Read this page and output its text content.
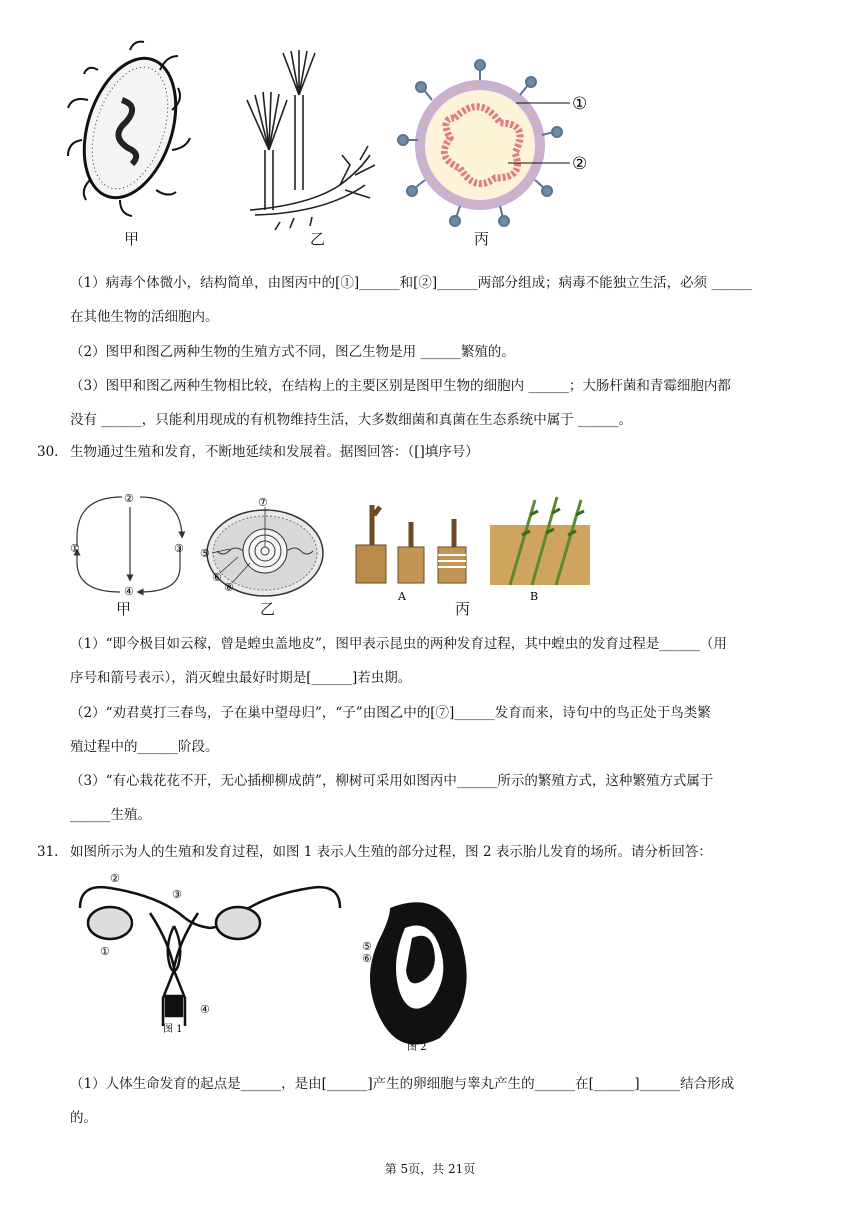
①
②
甲	乙	丙
（1）病毒个体微小，结构简单，由图丙中的[①]______和[②]______两部分组成；病毒不能独立生活，必须 ______
在其他生物的活细胞内。
（2）图甲和图乙两种生物的生殖方式不同，图乙生物是用 ______繁殖的。
（3）图甲和图乙两种生物相比较，在结构上的主要区别是图甲生物的细胞内 ______；大肠杆菌和青霉细胞内都
没有 ______，只能利用现成的有机物维持生活，大多数细菌和真菌在生态系统中属于 ______。
30. 生物通过生殖和发育，不断地延续和发展着。据图回答：（[]填序号）
①
②
③
④
⑦
⑤
⑥
⑧
A	B
甲	乙	丙
（1）“即今极目如云稼，曾是蝗虫盖地皮”，图甲表示昆虫的两种发育过程，其中蝗虫的发育过程是______（用
序号和箭号表示），消灭蝗虫最好时期是[______]若虫期。
（2）“劝君莫打三春鸟，子在巢中望母归”，“子”由图乙中的[⑦]______发育而来，诗句中的鸟正处于鸟类繁
殖过程中的______阶段。
（3）“有心栽花花不开，无心插柳柳成荫”，柳树可采用如图丙中______所示的繁殖方式，这种繁殖方式属于
______生殖。
31. 如图所示为人的生殖和发育过程，如图 1 表示人生殖的部分过程，图 2 表示胎儿发育的场所。请分析回答：
②
③
①
④
图 1
⑤
⑥
图 2
（1）人体生命发育的起点是______，是由[______]产生的卵细胞与睾丸产生的______在[______]______结合形成
的。
第 5页，共 21页
